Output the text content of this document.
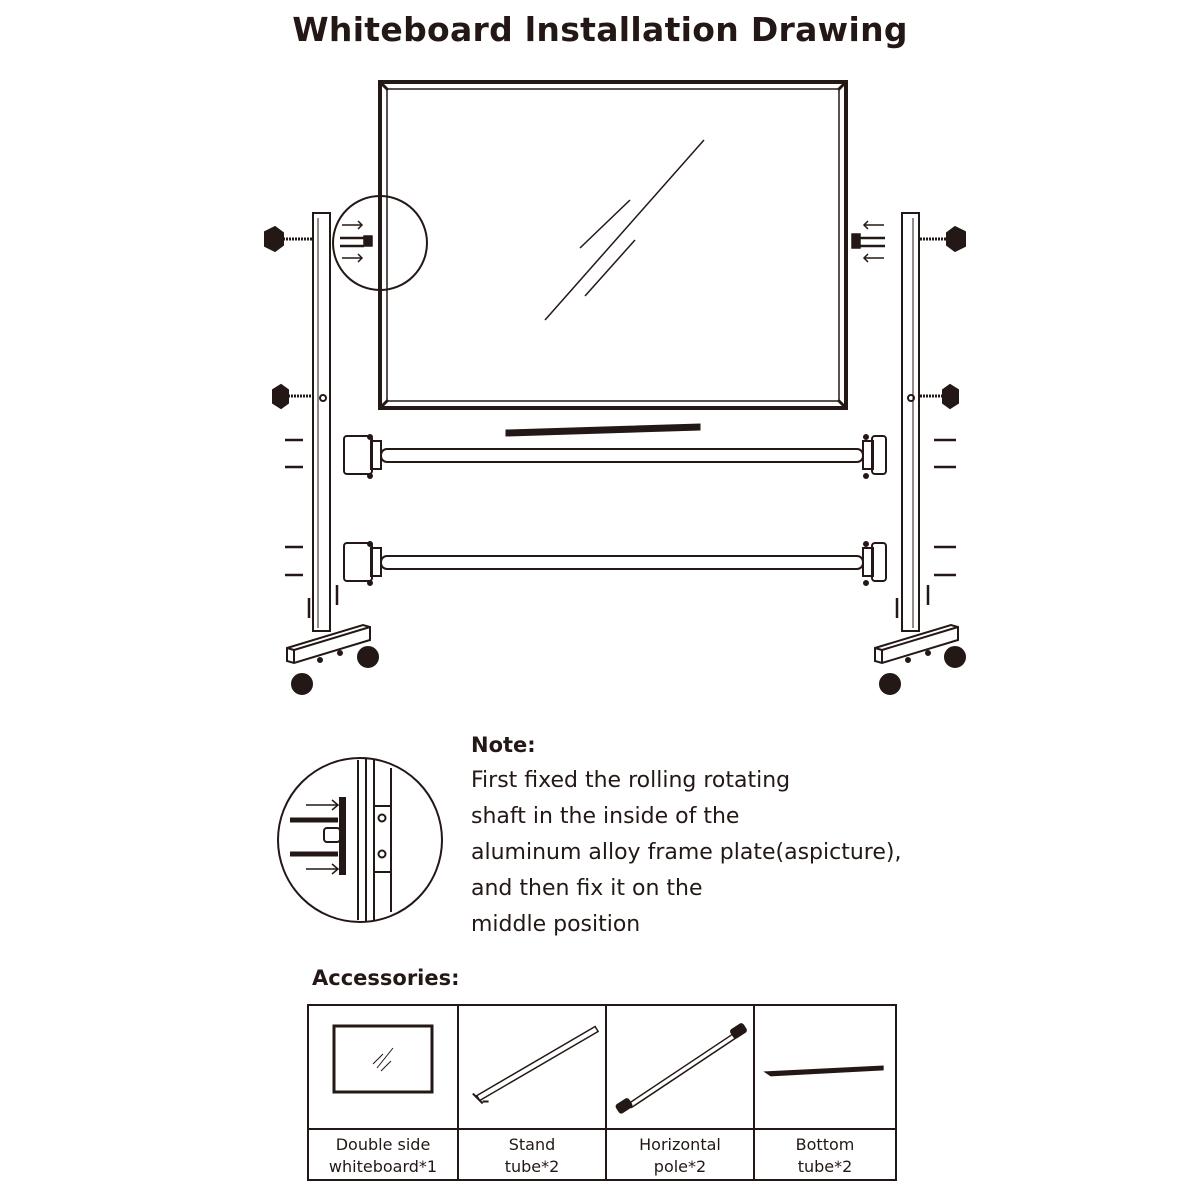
Whiteboard lnstallation Drawing
Note:
First fixed the rolling rotating
shaft in the inside of the
aluminum alloy frame plate(aspicture),
and then fix it on the
middle position
Accessories:
Double side
whiteboard*1
Stand
tube*2
Horizontal
pole*2
Bottom
tube*2
